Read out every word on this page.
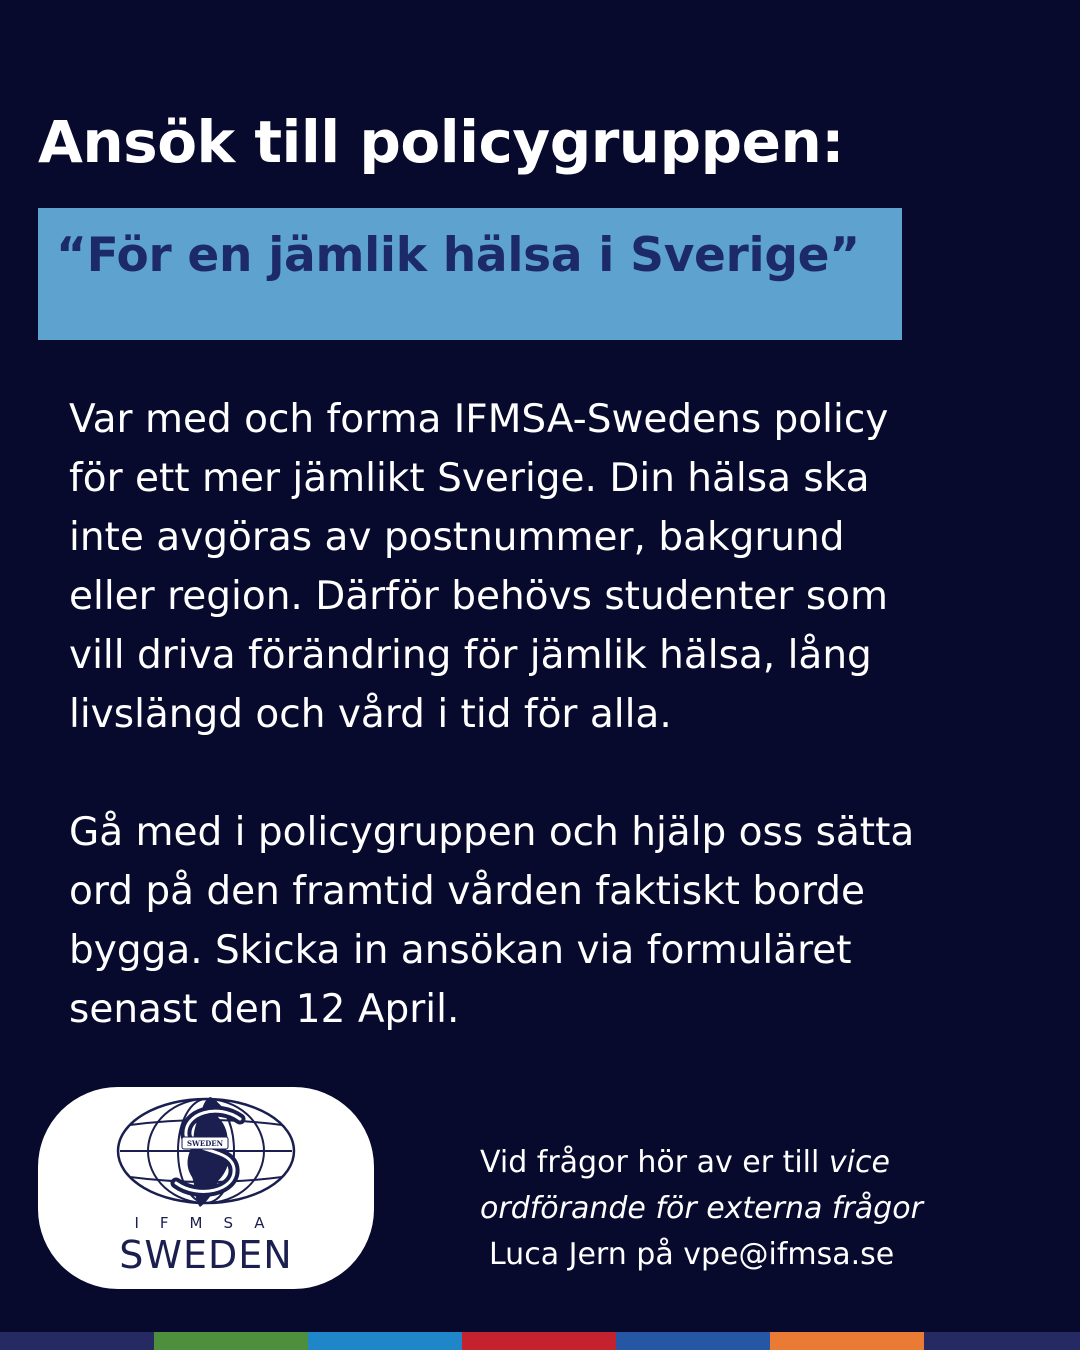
Ansök till policygruppen:
“För en jämlik hälsa i Sverige”

Var med och forma IFMSA-Swedens policy
för ett mer jämlikt Sverige. Din hälsa ska
inte avgöras av postnummer, bakgrund
eller region. Därför behövs studenter som
vill driva förändring för jämlik hälsa, lång
livslängd och vård i tid för alla.

Gå med i policygruppen och hjälp oss sätta
ord på den framtid vården faktiskt borde
bygga. Skicka in ansökan via formuläret
senast den 12 April.

SWEDEN
IFMSA
SWEDEN
Vid frågor hör av er till vice
ordförande för externa frågor
Luca Jern på vpe@ifmsa.se
